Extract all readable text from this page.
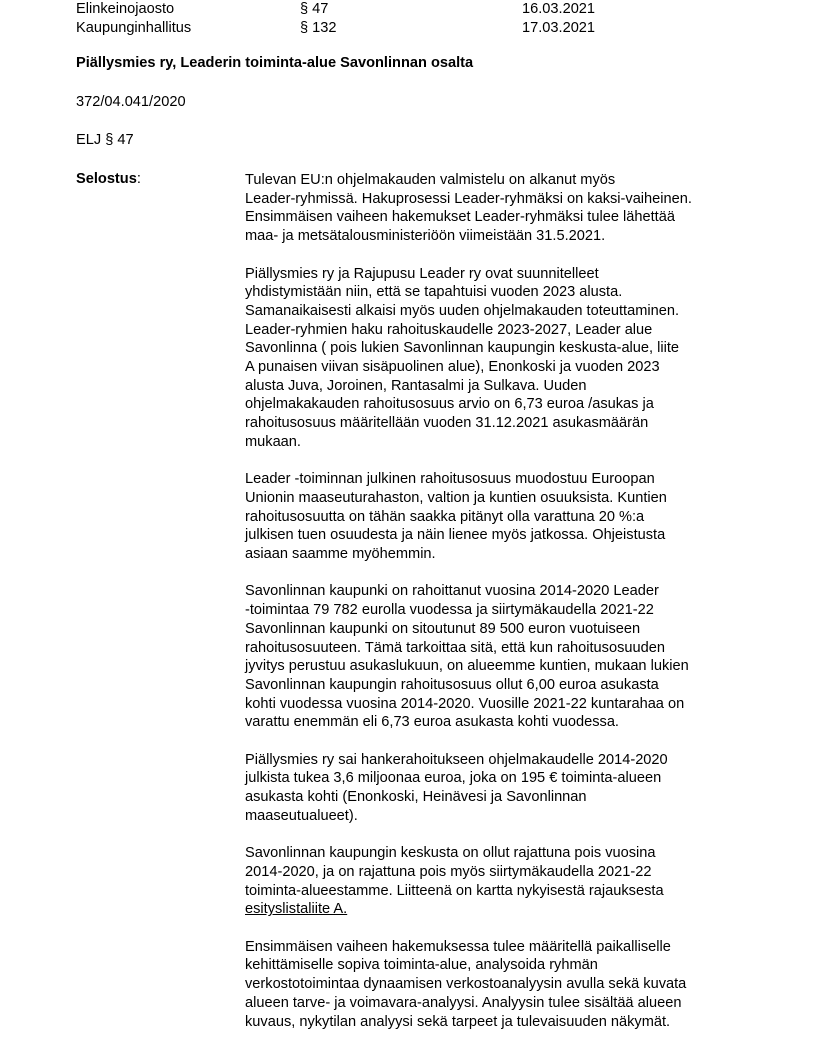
Elinkeinojaosto	§ 47	16.03.2021
Kaupunginhallitus	§ 132	17.03.2021
Piällysmies ry, Leaderin toiminta-alue Savonlinnan osalta
372/04.041/2020
ELJ § 47
Selostus:	Tulevan EU:n ohjelmakauden valmistelu on alkanut myös
Leader-ryhmissä. Hakuprosessi Leader-ryhmäksi on kaksi-vaiheinen.
Ensimmäisen vaiheen hakemukset Leader-ryhmäksi tulee lähettää
maa- ja metsätalousministeriöön viimeistään 31.5.2021.
Piällysmies ry ja Rajupusu Leader ry ovat suunnitelleet
yhdistymistään niin, että se tapahtuisi vuoden 2023 alusta.
Samanaikaisesti alkaisi myös uuden ohjelmakauden toteuttaminen.
Leader-ryhmien haku rahoituskaudelle 2023-2027, Leader alue
Savonlinna ( pois lukien Savonlinnan kaupungin keskusta-alue, liite
A punaisen viivan sisäpuolinen alue), Enonkoski ja vuoden 2023
alusta Juva, Joroinen, Rantasalmi ja Sulkava. Uuden
ohjelmakakauden rahoitusosuus arvio on 6,73 euroa /asukas ja
rahoitusosuus määritellään vuoden 31.12.2021 asukasmäärän
mukaan.
Leader -toiminnan julkinen rahoitusosuus muodostuu Euroopan
Unionin maaseuturahaston, valtion ja kuntien osuuksista. Kuntien
rahoitusosuutta on tähän saakka pitänyt olla varattuna 20 %:a
julkisen tuen osuudesta ja näin lienee myös jatkossa. Ohjeistusta
asiaan saamme myöhemmin.
Savonlinnan kaupunki on rahoittanut vuosina 2014-2020 Leader
-toimintaa 79 782 eurolla vuodessa ja siirtymäkaudella 2021-22
Savonlinnan kaupunki on sitoutunut 89 500 euron vuotuiseen
rahoitusosuuteen. Tämä tarkoittaa sitä, että kun rahoitusosuuden
jyvitys perustuu asukaslukuun, on alueemme kuntien, mukaan lukien
Savonlinnan kaupungin rahoitusosuus ollut 6,00 euroa asukasta
kohti vuodessa vuosina 2014-2020. Vuosille 2021-22 kuntarahaa on
varattu enemmän eli 6,73 euroa asukasta kohti vuodessa.
Piällysmies ry sai hankerahoitukseen ohjelmakaudelle 2014-2020
julkista tukea 3,6 miljoonaa euroa, joka on 195 € toiminta-alueen
asukasta kohti (Enonkoski, Heinävesi ja Savonlinnan
maaseutualueet).
Savonlinnan kaupungin keskusta on ollut rajattuna pois vuosina
2014-2020, ja on rajattuna pois myös siirtymäkaudella 2021-22
toiminta-alueestamme. Liitteenä on kartta nykyisestä rajauksesta
esityslistaliite A.
Ensimmäisen vaiheen hakemuksessa tulee määritellä paikalliselle
kehittämiselle sopiva toiminta-alue, analysoida ryhmän
verkostotoimintaa dynaamisen verkostoanalyysin avulla sekä kuvata
alueen tarve- ja voimavara-analyysi. Analyysin tulee sisältää alueen
kuvaus, nykytilan analyysi sekä tarpeet ja tulevaisuuden näkymät.
